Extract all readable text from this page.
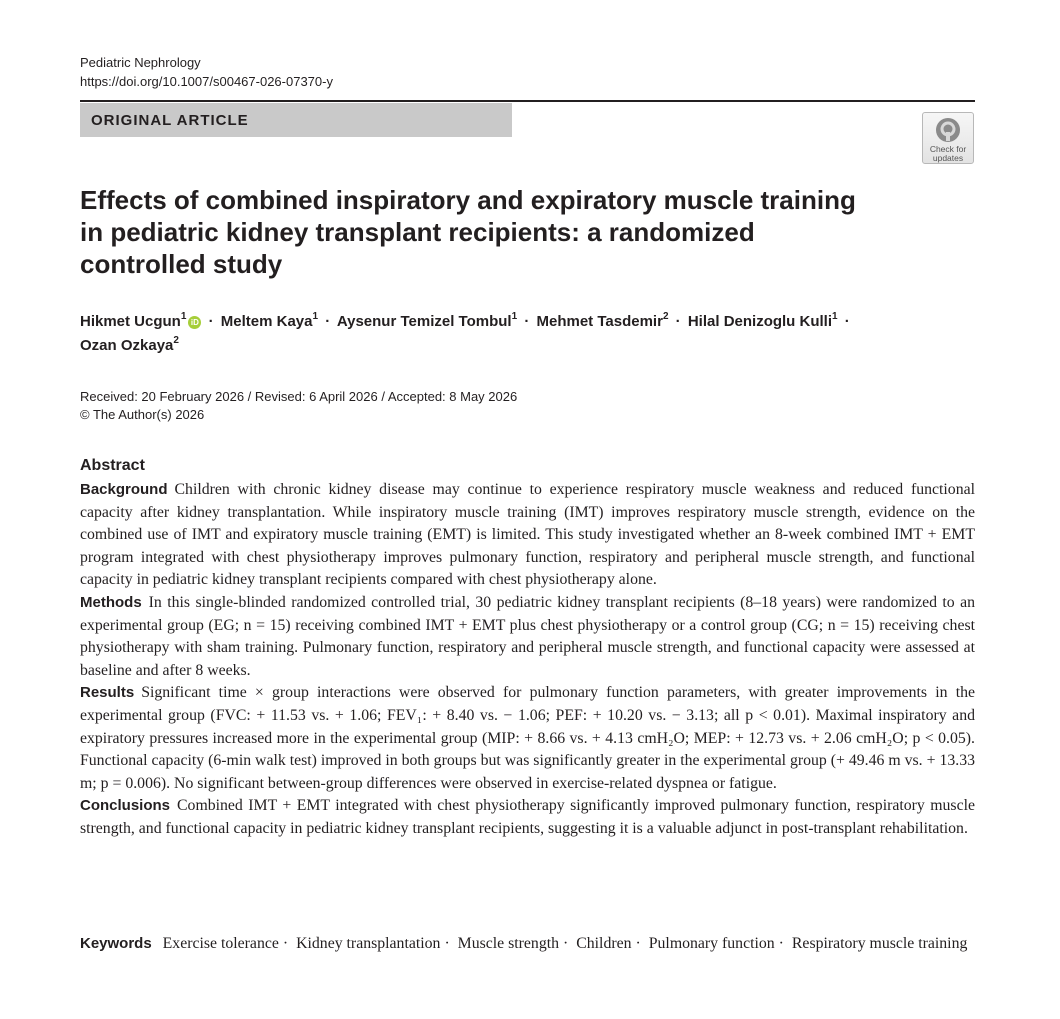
Pediatric Nephrology
https://doi.org/10.1007/s00467-026-07370-y
ORIGINAL ARTICLE
Check for
updates
Effects of combined inspiratory and expiratory muscle training in pediatric kidney transplant recipients: a randomized controlled study
Hikmet Ucgun$^1$iD · Meltem Kaya$^1$ · Aysenur Temizel Tombul$^1$ · Mehmet Tasdemir$^2$ · Hilal Denizoglu Kulli$^1$ ·
Ozan Ozkaya$^2$
Received: 20 February 2026 / Revised: 6 April 2026 / Accepted: 8 May 2026
© The Author(s) 2026
Abstract

Background Children with chronic kidney disease may continue to experience respiratory muscle weakness and reduced functional capacity after kidney transplantation. While inspiratory muscle training (IMT) improves respiratory muscle strength, evidence on the combined use of IMT and expiratory muscle training (EMT) is limited. This study investigated whether an 8-week combined IMT + EMT program integrated with chest physiotherapy improves pulmonary function, respiratory and peripheral muscle strength, and functional capacity in pediatric kidney transplant recipients compared with chest physiotherapy alone.

Methods In this single-blinded randomized controlled trial, 30 pediatric kidney transplant recipients (8–18 years) were randomized to an experimental group (EG; n = 15) receiving combined IMT + EMT plus chest physiotherapy or a control group (CG; n = 15) receiving chest physiotherapy with sham training. Pulmonary function, respiratory and peripheral muscle strength, and functional capacity were assessed at baseline and after 8 weeks.

Results Significant time × group interactions were observed for pulmonary function parameters, with greater improvements in the experimental group (FVC: + 11.53 vs. + 1.06; FEV₁: + 8.40 vs. − 1.06; PEF: + 10.20 vs. − 3.13; all p < 0.01). Maximal inspiratory and expiratory pressures increased more in the experimental group (MIP: + 8.66 vs. + 4.13 cmH₂O; MEP: + 12.73 vs. + 2.06 cmH₂O; p < 0.05). Functional capacity (6-min walk test) improved in both groups but was significantly greater in the experimental group (+ 49.46 m vs. + 13.33 m; p = 0.006). No significant between-group differences were observed in exercise-related dyspnea or fatigue.

Conclusions Combined IMT + EMT integrated with chest physiotherapy significantly improved pulmonary function, respiratory muscle strength, and functional capacity in pediatric kidney transplant recipients, suggesting it is a valuable adjunct in post-transplant rehabilitation.

Keywords Exercise tolerance · Kidney transplantation · Muscle strength · Children · Pulmonary function · Respiratory muscle training
